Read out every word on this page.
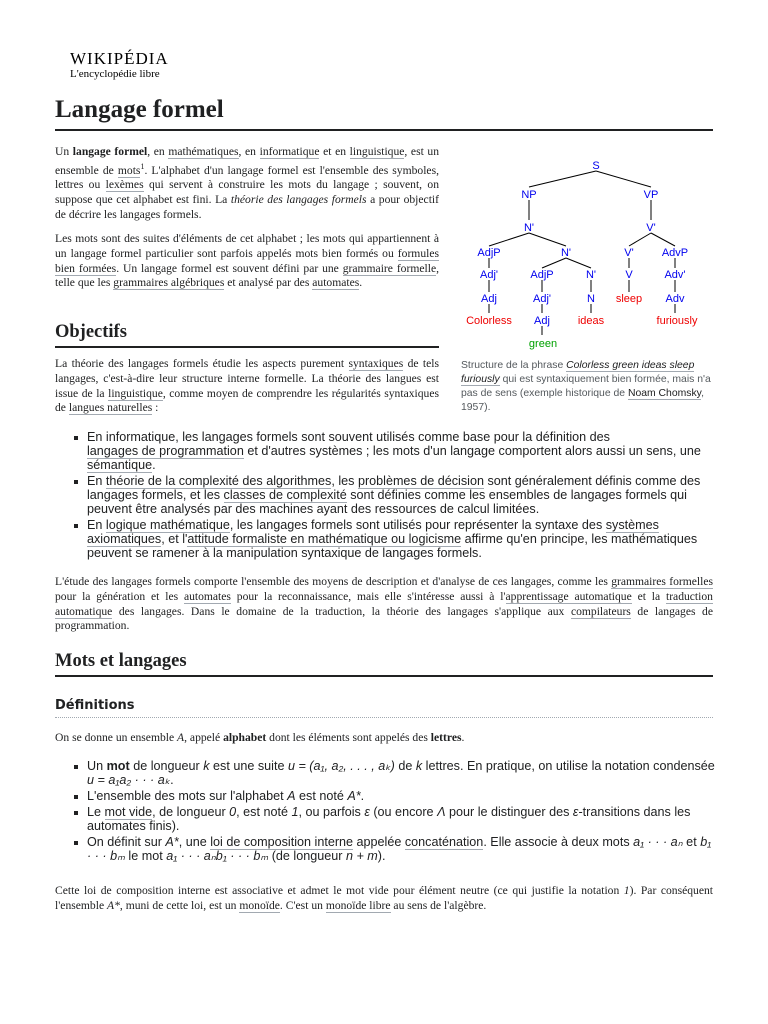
WIKIPÉDIA
L'encyclopédie libre
Langage formel

Un langage formel, en mathématiques, en informatique et en linguistique, est un ensemble de mots$^1$. L'alphabet d'un langage formel est l'ensemble des symboles, lettres ou lexèmes qui servent à construire les mots du langage ; souvent, on suppose que cet alphabet est fini. La théorie des langages formels a pour objectif de décrire les langages formels.

Les mots sont des suites d'éléments de cet alphabet ; les mots qui appartiennent à un langage formel particulier sont parfois appelés mots bien formés ou formules bien formées. Un langage formel est souvent défini par une grammaire formelle, telle que les grammaires algébriques et analysé par des automates.

S
NP	VP
N'	V'
AdjP	N'	V'	AdvP
Adj'	AdjP	N'	V	Adv'
Adj	Adj'	N	Adv
Adj
Colorless	ideas
sleep
furiously
green
Structure de la phrase Colorless green ideas sleep furiously qui est syntaxiquement bien formée, mais n'a pas de sens (exemple historique de Noam Chomsky, 1957).
Objectifs

La théorie des langages formels étudie les aspects purement syntaxiques de tels langages, c'est-à-dire leur structure interne formelle. La théorie des langues est issue de la linguistique, comme moyen de comprendre les régularités syntaxiques de langues naturelles :

En informatique, les langages formels sont souvent utilisés comme base pour la définition des
langages de programmation et d'autres systèmes ; les mots d'un langage comportent alors aussi un sens, une sémantique.
En théorie de la complexité des algorithmes, les problèmes de décision sont généralement définis comme des langages formels, et les classes de complexité sont définies comme les ensembles de langages formels qui peuvent être analysés par des machines ayant des ressources de calcul limitées.
En logique mathématique, les langages formels sont utilisés pour représenter la syntaxe des systèmes axiomatiques, et l'attitude formaliste en mathématique ou logicisme affirme qu'en principe, les mathématiques peuvent se ramener à la manipulation syntaxique de langages formels.

L'étude des langages formels comporte l'ensemble des moyens de description et d'analyse de ces langages, comme les grammaires formelles pour la génération et les automates pour la reconnaissance, mais elle s'intéresse aussi à l'apprentissage automatique et la traduction automatique des langages. Dans le domaine de la traduction, la théorie des langages s'applique aux compilateurs de langages de programmation.

Mots et langages
Définitions

On se donne un ensemble A, appelé alphabet dont les éléments sont appelés des lettres.

Un mot de longueur k est une suite u = (a₁, a₂, . . . , aₖ) de k lettres. En pratique, on utilise la notation condensée u = a₁a₂ · · · aₖ.
L'ensemble des mots sur l'alphabet A est noté A*.
Le mot vide, de longueur 0, est noté 1, ou parfois ε (ou encore Λ pour le distinguer des ε-transitions dans les automates finis).
On définit sur A*, une loi de composition interne appelée concaténation. Elle associe à deux mots a₁ · · · aₙ et b₁ · · · bₘ le mot a₁ · · · aₙb₁ · · · bₘ (de longueur n + m).

Cette loi de composition interne est associative et admet le mot vide pour élément neutre (ce qui justifie la notation 1). Par conséquent l'ensemble A*, muni de cette loi, est un monoïde. C'est un monoïde libre au sens de l'algèbre.
